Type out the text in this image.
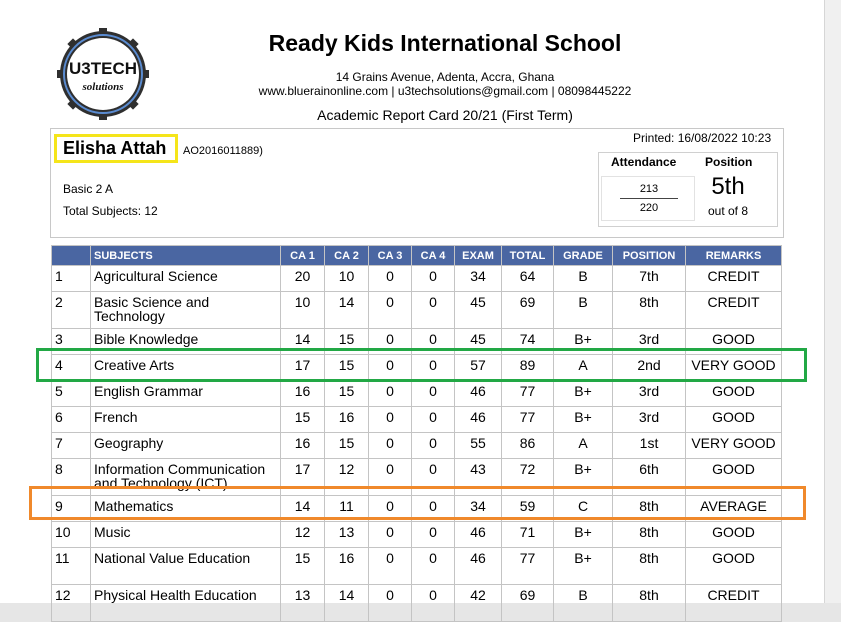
U3TECH
solutions
Ready Kids International School
14 Grains Avenue, Adenta, Accra, Ghana
www.bluerainonline.com | u3techsolutions@gmail.com | 08098445222
Academic Report Card 20/21 (First Term)
Elisha Attah AO2016011889)
Basic 2 A
Total Subjects: 12
Printed: 16/08/2022 10:23
Attendance Position
213
220
5th
out of 8
	SUBJECTS	CA 1	CA 2	CA 3	CA 4	EXAM	TOTAL	GRADE	POSITION	REMARKS

1	Agricultural Science	20	10	0	0	34	64	B	7th	CREDIT

2	Basic Science and Technology	10	14	0	0	45	69	B	8th	CREDIT

3	Bible Knowledge	14	15	0	0	45	74	B+	3rd	GOOD

4	Creative Arts	17	15	0	0	57	89	A	2nd	VERY GOOD

5	English Grammar	16	15	0	0	46	77	B+	3rd	GOOD

6	French	15	16	0	0	46	77	B+	3rd	GOOD

7	Geography	16	15	0	0	55	86	A	1st	VERY GOOD

8	Information Communication and Technology (ICT)	17	12	0	0	43	72	B+	6th	GOOD

9	Mathematics	14	11	0	0	34	59	C	8th	AVERAGE

10	Music	12	13	0	0	46	71	B+	8th	GOOD

11	National Value Education	15	16	0	0	46	77	B+	8th	GOOD

12	Physical Health Education	13	14	0	0	42	69	B	8th	CREDIT
